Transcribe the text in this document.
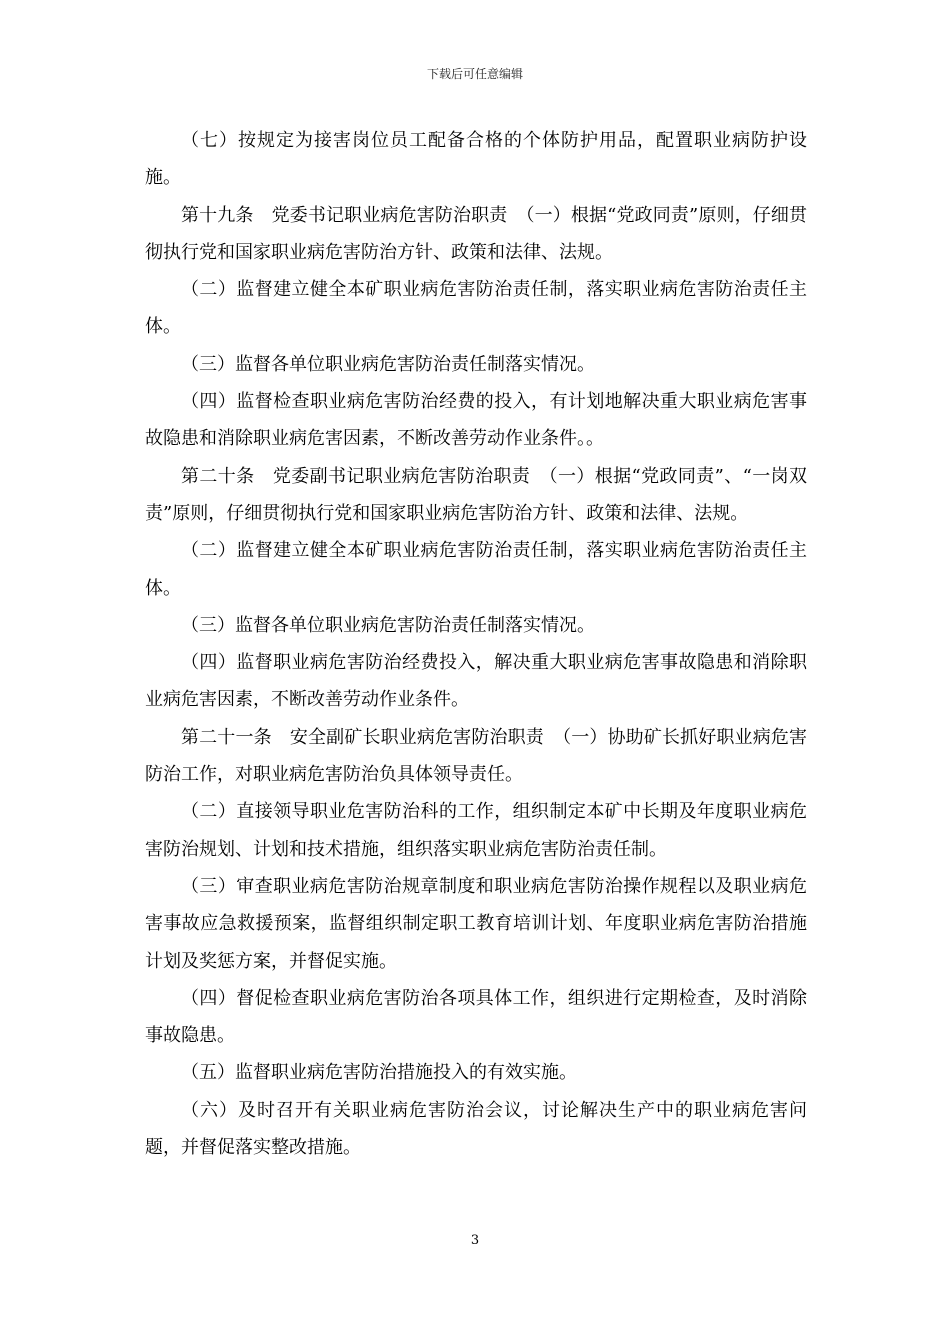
下载后可任意编辑

（七）按规定为接害岗位员工配备合格的个体防护用品，配置职业病防护设施。

第十九条　党委书记职业病危害防治职责　（一）根据“党政同责”原则，仔细贯彻执行党和国家职业病危害防治方针、政策和法律、法规。

（二）监督建立健全本矿职业病危害防治责任制，落实职业病危害防治责任主体。

（三）监督各单位职业病危害防治责任制落实情况。

（四）监督检查职业病危害防治经费的投入，有计划地解决重大职业病危害事故隐患和消除职业病危害因素，不断改善劳动作业条件。。

第二十条　党委副书记职业病危害防治职责　（一）根据“党政同责”、“一岗双责”原则，仔细贯彻执行党和国家职业病危害防治方针、政策和法律、法规。

（二）监督建立健全本矿职业病危害防治责任制，落实职业病危害防治责任主体。

（三）监督各单位职业病危害防治责任制落实情况。

（四）监督职业病危害防治经费投入，解决重大职业病危害事故隐患和消除职业病危害因素，不断改善劳动作业条件。

第二十一条　安全副矿长职业病危害防治职责　（一）协助矿长抓好职业病危害防治工作，对职业病危害防治负具体领导责任。

（二）直接领导职业危害防治科的工作，组织制定本矿中长期及年度职业病危害防治规划、计划和技术措施，组织落实职业病危害防治责任制。

（三）审查职业病危害防治规章制度和职业病危害防治操作规程以及职业病危害事故应急救援预案，监督组织制定职工教育培训计划、年度职业病危害防治措施计划及奖惩方案，并督促实施。

（四）督促检查职业病危害防治各项具体工作，组织进行定期检查，及时消除事故隐患。

（五）监督职业病危害防治措施投入的有效实施。

（六）及时召开有关职业病危害防治会议，讨论解决生产中的职业病危害问题，并督促落实整改措施。

3
